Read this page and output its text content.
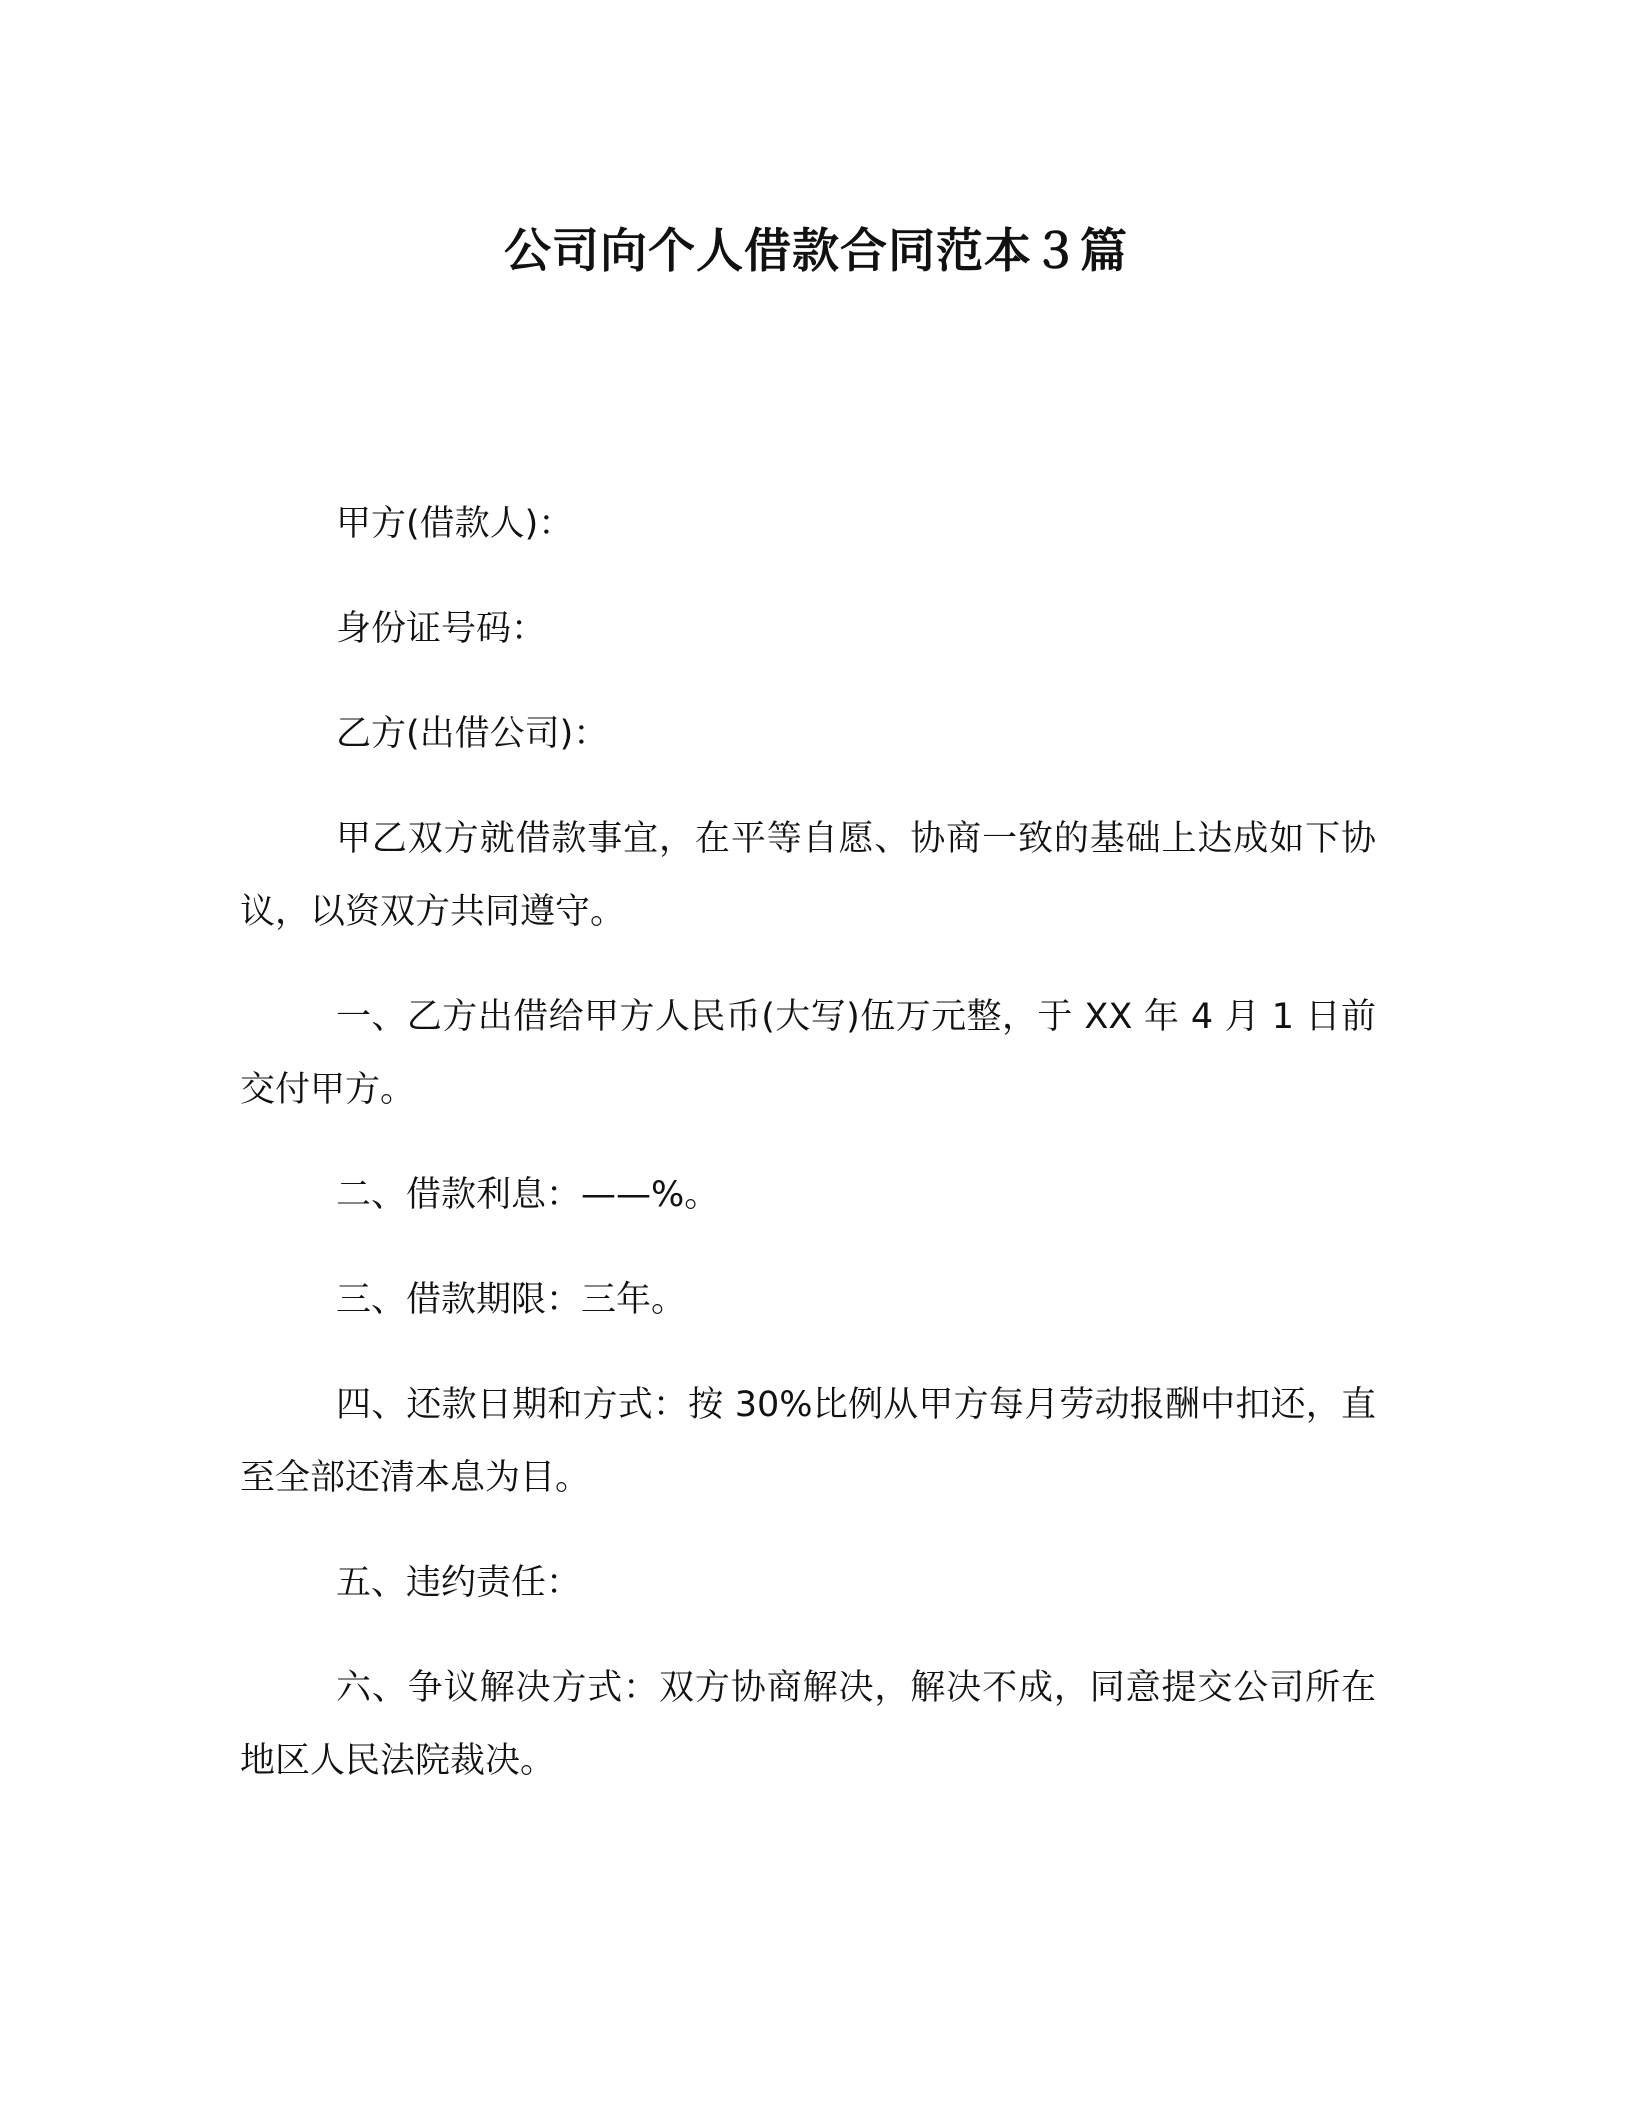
公司向个人借款合同范本３篇

甲方(借款人)：

身份证号码：

乙方(出借公司)：

甲乙双方就借款事宜，在平等自愿、协商一致的基础上达成如下协议，以资双方共同遵守。

一、乙方出借给甲方人民币(大写)伍万元整，于 XX 年 4 月 1 日前交付甲方。

二、借款利息：——%。

三、借款期限：三年。

四、还款日期和方式：按 30%比例从甲方每月劳动报酬中扣还，直至全部还清本息为目。

五、违约责任：

六、争议解决方式：双方协商解决，解决不成，同意提交公司所在地区人民法院裁决。
